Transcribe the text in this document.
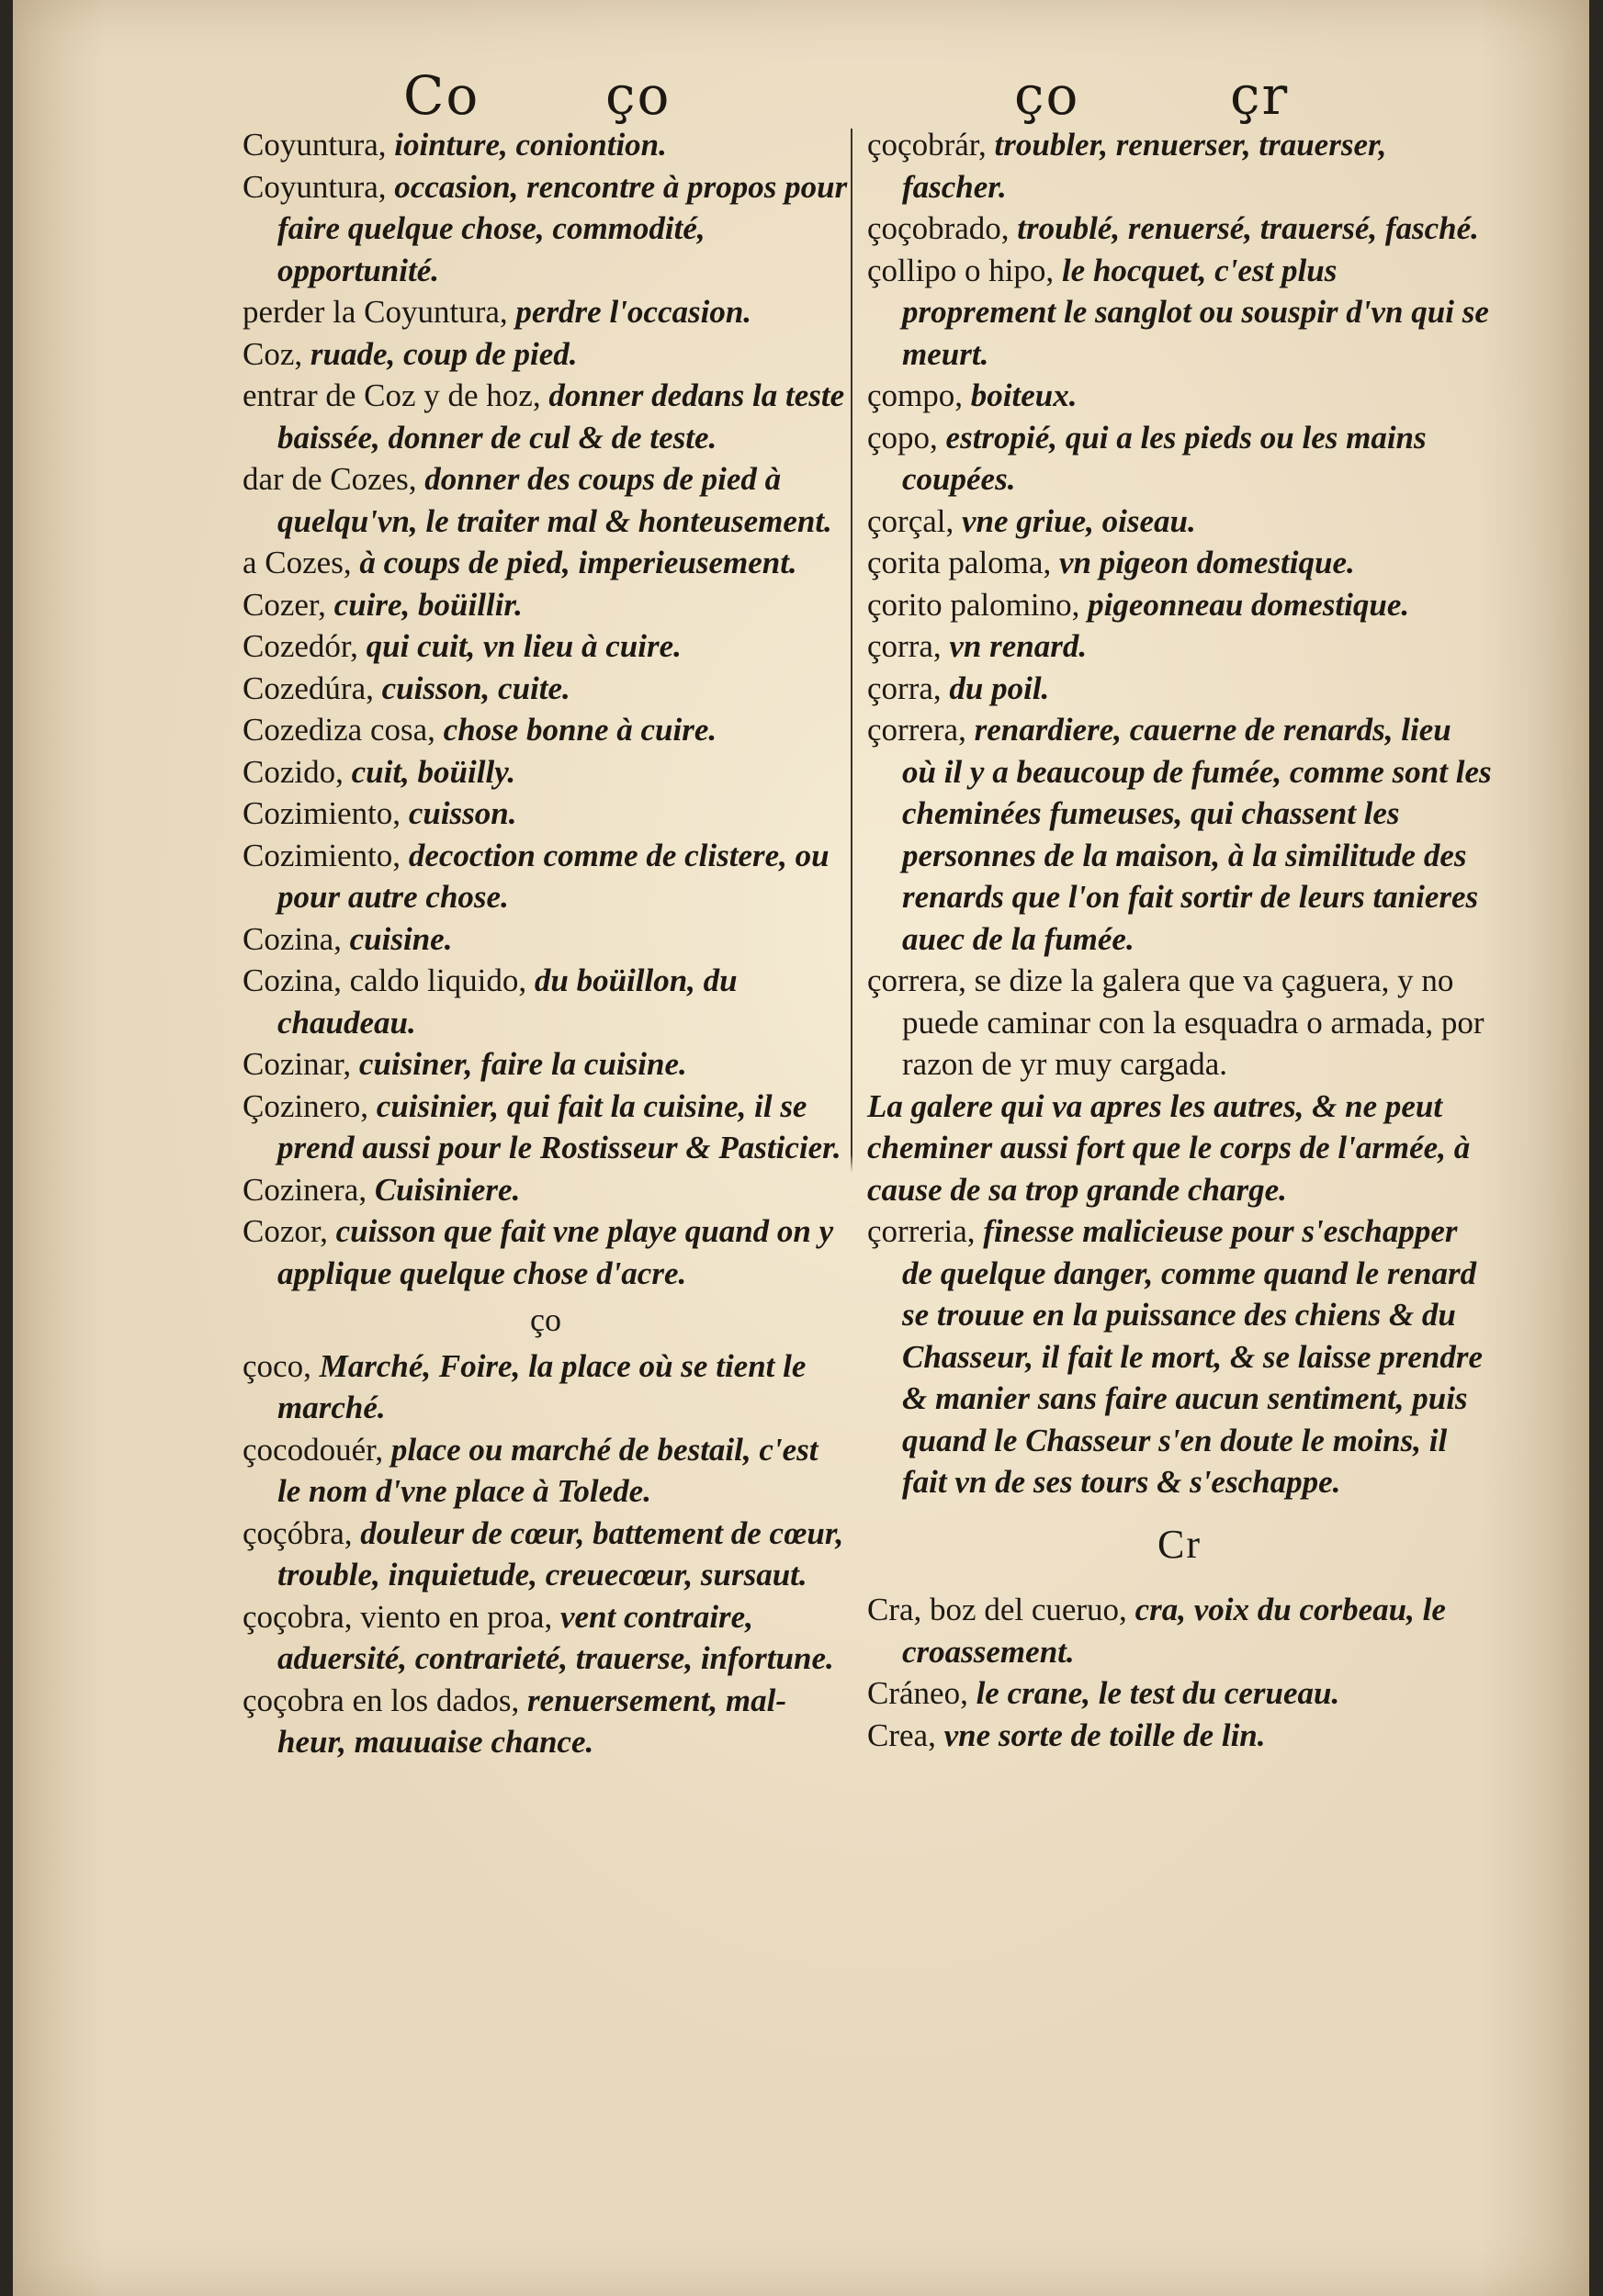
Co ço	ço	çr

Coyuntura, iointure, coniontion.

Coyuntura, occasion, rencontre à propos pour faire quelque chose, commodité, opportunité.

perder la Coyuntura, perdre l'occasion.

Coz, ruade, coup de pied.

entrar de Coz y de hoz, donner dedans la teste baissée, donner de cul & de teste.

dar de Cozes, donner des coups de pied à quelqu'vn, le traiter mal & honteusement.

a Cozes, à coups de pied, imperieusement.

Cozer, cuire, boüillir.

Cozedór, qui cuit, vn lieu à cuire.

Cozedúra, cuisson, cuite.

Cozediza cosa, chose bonne à cuire.

Cozido, cuit, boüilly.

Cozimiento, cuisson.

Cozimiento, decoction comme de clistere, ou pour autre chose.

Cozina, cuisine.

Cozina, caldo liquido, du boüillon, du chaudeau.

Cozinar, cuisiner, faire la cuisine.

Çozinero, cuisinier, qui fait la cuisine, il se prend aussi pour le Rostisseur & Pasticier.

Cozinera, Cuisiniere.

Cozor, cuisson que fait vne playe quand on y applique quelque chose d'acre.

ço

çoco, Marché, Foire, la place où se tient le marché.

çocodouér, place ou marché de bestail, c'est le nom d'vne place à Tolede.

çoçóbra, douleur de cœur, battement de cœur, trouble, inquietude, creuecœur, sursaut.

çoçobra, viento en proa, vent contraire, aduersité, contrarieté, trauerse, infortune.

çoçobra en los dados, renuersement, mal-heur, mauuaise chance.

çoçobrár, troubler, renuerser, trauerser, fascher.

çoçobrado, troublé, renuersé, trauersé, fasché.

çollipo o hipo, le hocquet, c'est plus proprement le sanglot ou souspir d'vn qui se meurt.

çompo, boiteux.

çopo, estropié, qui a les pieds ou les mains coupées.

çorçal, vne griue, oiseau.

çorita paloma, vn pigeon domestique.

çorito palomino, pigeonneau domestique.

çorra, vn renard.

çorra, du poil.

çorrera, renardiere, cauerne de renards, lieu où il y a beaucoup de fumée, comme sont les cheminées fumeuses, qui chassent les personnes de la maison, à la similitude des renards que l'on fait sortir de leurs tanieres auec de la fumée.

çorrera, se dize la galera que va çaguera, y no puede caminar con la esquadra o armada, por razon de yr muy cargada.

La galere qui va apres les autres, & ne peut cheminer aussi fort que le corps de l'armée, à cause de sa trop grande charge.

çorreria, finesse malicieuse pour s'eschapper de quelque danger, comme quand le renard se trouue en la puissance des chiens & du Chasseur, il fait le mort, & se laisse prendre & manier sans faire aucun sentiment, puis quand le Chasseur s'en doute le moins, il fait vn de ses tours & s'eschappe.

Cr

Cra, boz del cueruo, cra, voix du corbeau, le croassement.

Cráneo, le crane, le test du cerueau.

Crea, vne sorte de toille de lin.
